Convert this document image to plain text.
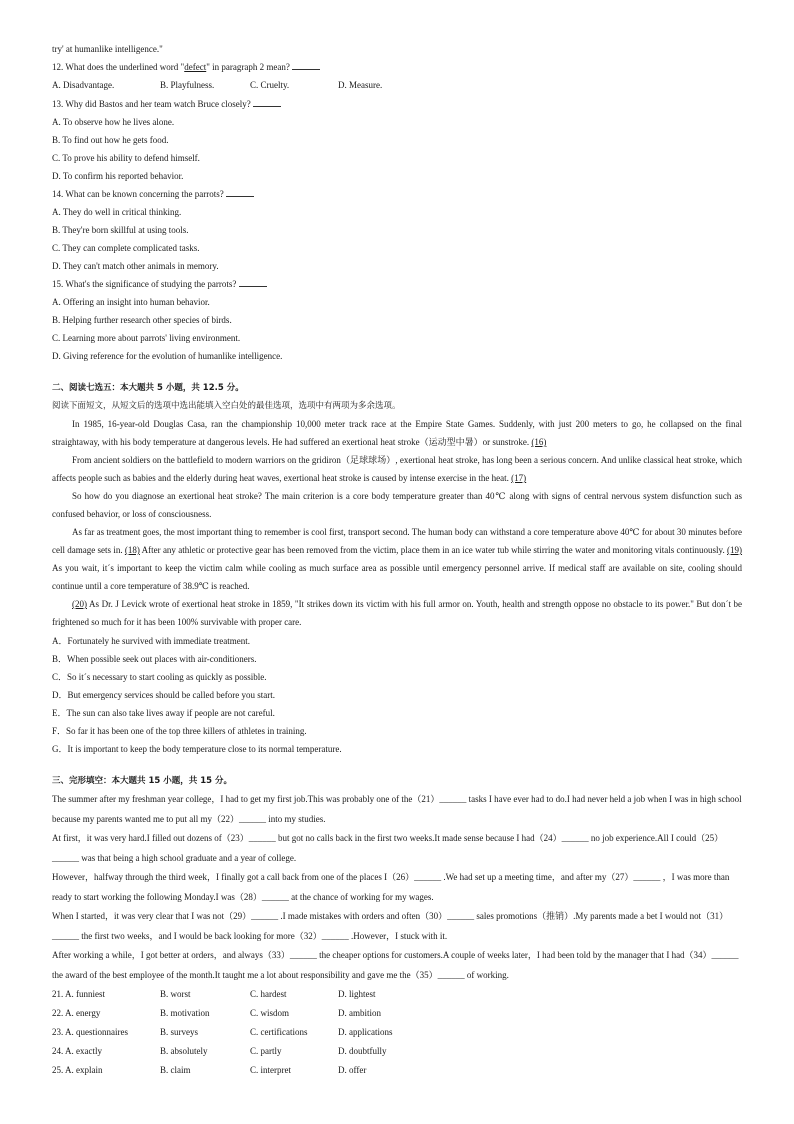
try' at humanlike intelligence."

12. What does the underlined word "defect" in paragraph 2 mean?

A. Disadvantage.	B. Playfulness.	C. Cruelty.	D. Measure.

13. Why did Bastos and her team watch Bruce closely?

A. To observe how he lives alone.

B. To find out how he gets food.

C. To prove his ability to defend himself.

D. To confirm his reported behavior.

14. What can be known concerning the parrots?

A. They do well in critical thinking.

B. They're born skillful at using tools.

C. They can complete complicated tasks.

D. They can't match other animals in memory.

15. What's the significance of studying the parrots?

A. Offering an insight into human behavior.

B. Helping further research other species of birds.

C. Learning more about parrots' living environment.

D. Giving reference for the evolution of humanlike intelligence.

二、阅读七选五：本大题共 5 小题，共 12.5 分。

阅读下面短文，从短文后的选项中选出能填入空白处的最佳选项，选项中有两项为多余选项。

In 1985, 16-year-old Douglas Casa, ran the championship 10,000 meter track race at the Empire State Games. Suddenly, with just 200 meters to go, he collapsed on the final straightaway, with his body temperature at dangerous levels. He had suffered an exertional heat stroke（运动型中暑）or sunstroke. (16)

From ancient soldiers on the battlefield to modern warriors on the gridiron（足球球场）, exertional heat stroke, has long been a serious concern. And unlike classical heat stroke, which affects people such as babies and the elderly during heat waves, exertional heat stroke is caused by intense exercise in the heat. (17)

So how do you diagnose an exertional heat stroke? The main criterion is a core body temperature greater than 40℃ along with signs of central nervous system disfunction such as confused behavior, or loss of consciousness.

As far as treatment goes, the most important thing to remember is cool first, transport second. The human body can withstand a core temperature above 40℃ for about 30 minutes before cell damage sets in. (18) After any athletic or protective gear has been removed from the victim, place them in an ice water tub while stirring the water and monitoring vitals continuously. (19) As you wait, it´s important to keep the victim calm while cooling as much surface area as possible until emergency personnel arrive. If medical staff are available on site, cooling should continue until a core temperature of 38.9℃ is reached.

(20) As Dr. J Levick wrote of exertional heat stroke in 1859, "It strikes down its victim with his full armor on. Youth, health and strength oppose no obstacle to its power." But don´t be frightened so much for it has been 100% survivable with proper care.

A．Fortunately he survived with immediate treatment.

B．When possible seek out places with air-conditioners.

C．So it´s necessary to start cooling as quickly as possible.

D．But emergency services should be called before you start.

E．The sun can also take lives away if people are not careful.

F．So far it has been one of the top three killers of athletes in training.

G．It is important to keep the body temperature close to its normal temperature.

三、完形填空：本大题共 15 小题，共 15 分。

The summer after my freshman year college，I had to get my first job.This was probably one of the（21）______ tasks I have ever had to do.I had never held a job when I was in high school because my parents wanted me to put all my（22）______ into my studies.

At first，it was very hard.I filled out dozens of（23）______ but got no calls back in the first two weeks.It made sense because I had（24）______ no job experience.All I could（25）______ was that being a high school graduate and a year of college.

However，halfway through the third week，I finally got a call back from one of the places I（26）______ .We had set up a meeting time，and after my（27）______ ，I was more than ready to start working the following Monday.I was（28）______ at the chance of working for my wages.

When I started，it was very clear that I was not（29）______ .I made mistakes with orders and often（30）______ sales promotions（推销）.My parents made a bet I would not（31）______ the first two weeks，and I would be back looking for more（32）______ .However，I stuck with it.

After working a while，I got better at orders，and always（33）______ the cheaper options for customers.A couple of weeks later，I had been told by the manager that I had（34）______ the award of the best employee of the month.It taught me a lot about responsibility and gave me the（35）______ of working.

21. A. funniest	B. worst	C. hardest	D. lightest
22. A. energy	B. motivation	C. wisdom	D. ambition
23. A. questionnaires	B. surveys	C. certifications	D. applications
24. A. exactly	B. absolutely	C. partly	D. doubtfully
25. A. explain	B. claim	C. interpret	D. offer
